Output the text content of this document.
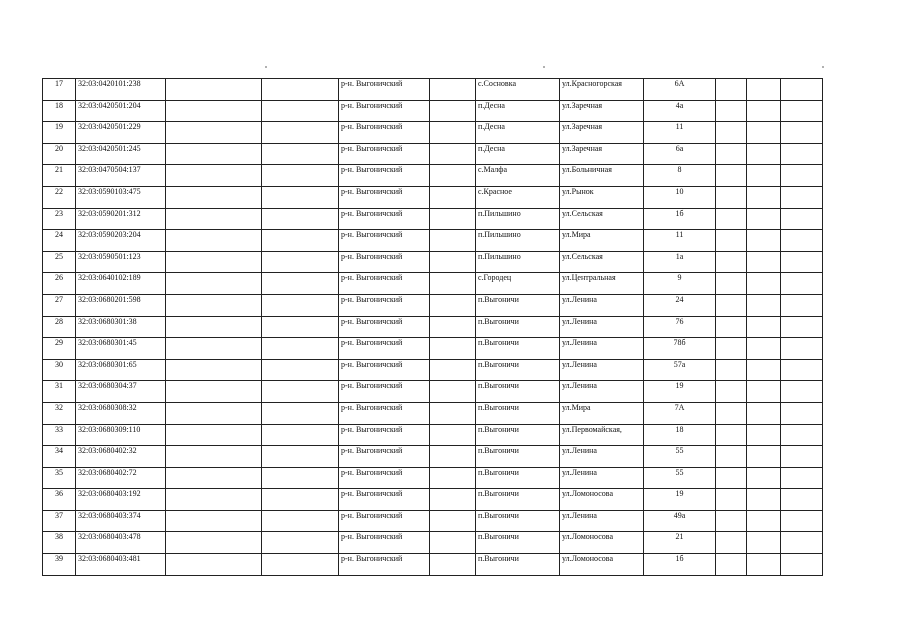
17	32:03:0420101:238			р-н. Выгоничский		с.Сосновка	ул.Красногорская	6А			
18	32:03:0420501:204			р-н. Выгоничский		п.Десна	ул.Заречная	4а			
19	32:03:0420501:229			р-н. Выгоничский		п.Десна	ул.Заречная	11			
20	32:03:0420501:245			р-н. Выгоничский		п.Десна	ул.Заречная	6а			
21	32:03:0470504:137			р-н. Выгоничский		с.Малфа	ул.Больничная	8			
22	32:03:0590103:475			р-н. Выгоничский		с.Красное	ул.Рынок	10			
23	32:03:0590201:312			р-н. Выгоничский		п.Пильшино	ул.Сельская	1б			
24	32:03:0590203:204			р-н. Выгоничский		п.Пильшино	ул.Мира	11			
25	32:03:0590501:123			р-н. Выгоничский		п.Пильшино	ул.Сельская	1а			
26	32:03:0640102:189			р-н. Выгоничский		с.Городец	ул.Центральная	9			
27	32:03:0680201:598			р-н. Выгоничский		п.Выгоничи	ул.Ленина	24			
28	32:03:0680301:38			р-н. Выгоничский		п.Выгоничи	ул.Ленина	76			
29	32:03:0680301:45			р-н. Выгоничский		п.Выгоничи	ул.Ленина	78б			
30	32:03:0680301:65			р-н. Выгоничский		п.Выгоничи	ул.Ленина	57а			
31	32:03:0680304:37			р-н. Выгоничский		п.Выгоничи	ул.Ленина	19			
32	32:03:0680308:32			р-н. Выгоничский		п.Выгоничи	ул.Мира	7А			
33	32:03:0680309:110			р-н. Выгоничский		п.Выгоничи	ул.Первомайская,	18			
34	32:03:0680402:32			р-н. Выгоничский		п.Выгоничи	ул.Ленина	55			
35	32:03:0680402:72			р-н. Выгоничский		п.Выгоничи	ул.Ленина	55			
36	32:03:0680403:192			р-н. Выгоничский		п.Выгоничи	ул.Ломоносова	19			
37	32:03:0680403:374			р-н. Выгоничский		п.Выгоничи	ул.Ленина	49а			
38	32:03:0680403:478			р-н. Выгоничский		п.Выгоничи	ул.Ломоносова	21			
39	32:03:0680403:481			р-н. Выгоничский		п.Выгоничи	ул.Ломоносова	1б			
